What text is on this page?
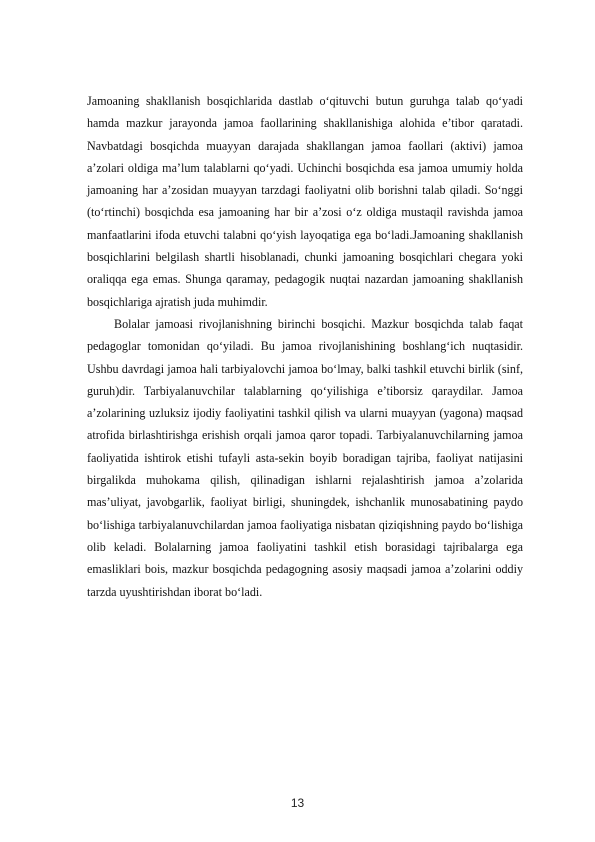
Jamoaning shakllanish bosqichlarida dastlab o‘qituvchi butun guruhga talab qo‘yadi hamda mazkur jarayonda jamoa faollarining shakllanishiga alohida e’tibor qaratadi. Navbatdagi bosqichda muayyan darajada shakllangan jamoa faollari (aktivi) jamoa a’zolari oldiga ma’lum talablarni qo‘yadi. Uchinchi bosqichda esa jamoa umumiy holda jamoaning har a’zosidan muayyan tarzdagi faoliyatni olib borishni talab qiladi. So‘nggi (to‘rtinchi) bosqichda esa jamoaning har bir a’zosi o‘z oldiga mustaqil ravishda jamoa manfaatlarini ifoda etuvchi talabni qo‘yish layoqatiga ega bo‘ladi.Jamoaning shakllanish bosqichlarini belgilash shartli hisoblanadi, chunki jamoaning bosqichlari chegara yoki oraliqqa ega emas. Shunga qaramay, pedagogik nuqtai nazardan jamoaning shakllanish bosqichlariga ajratish juda muhimdir.

Bolalar jamoasi rivojlanishning birinchi bosqichi. Mazkur bosqichda talab faqat pedagoglar tomonidan qo‘yiladi. Bu jamoa rivojlanishining boshlang‘ich nuqtasidir. Ushbu davrdagi jamoa hali tarbiyalovchi jamoa bo‘lmay, balki tashkil etuvchi birlik (sinf, guruh)dir. Tarbiyalanuvchilar talablarning qo‘yilishiga e’tiborsiz qaraydilar. Jamoa a’zolarining uzluksiz ijodiy faoliyatini tashkil qilish va ularni muayyan (yagona) maqsad atrofida birlashtirishga erishish orqali jamoa qaror topadi. Tarbiyalanuvchilarning jamoa faoliyatida ishtirok etishi tufayli asta-sekin boyib boradigan tajriba, faoliyat natijasini birgalikda muhokama qilish, qilinadigan ishlarni rejalashtirish jamoa a’zolarida mas’uliyat, javobgarlik, faoliyat birligi, shuningdek, ishchanlik munosabatining paydo bo‘lishiga tarbiyalanuvchilardan jamoa faoliyatiga nisbatan qiziqishning paydo bo‘lishiga olib keladi. Bolalarning jamoa faoliyatini tashkil etish borasidagi tajribalarga ega emasliklari bois, mazkur bosqichda pedagogning asosiy maqsadi jamoa a’zolarini oddiy tarzda uyushtirishdan iborat bo‘ladi.

13
